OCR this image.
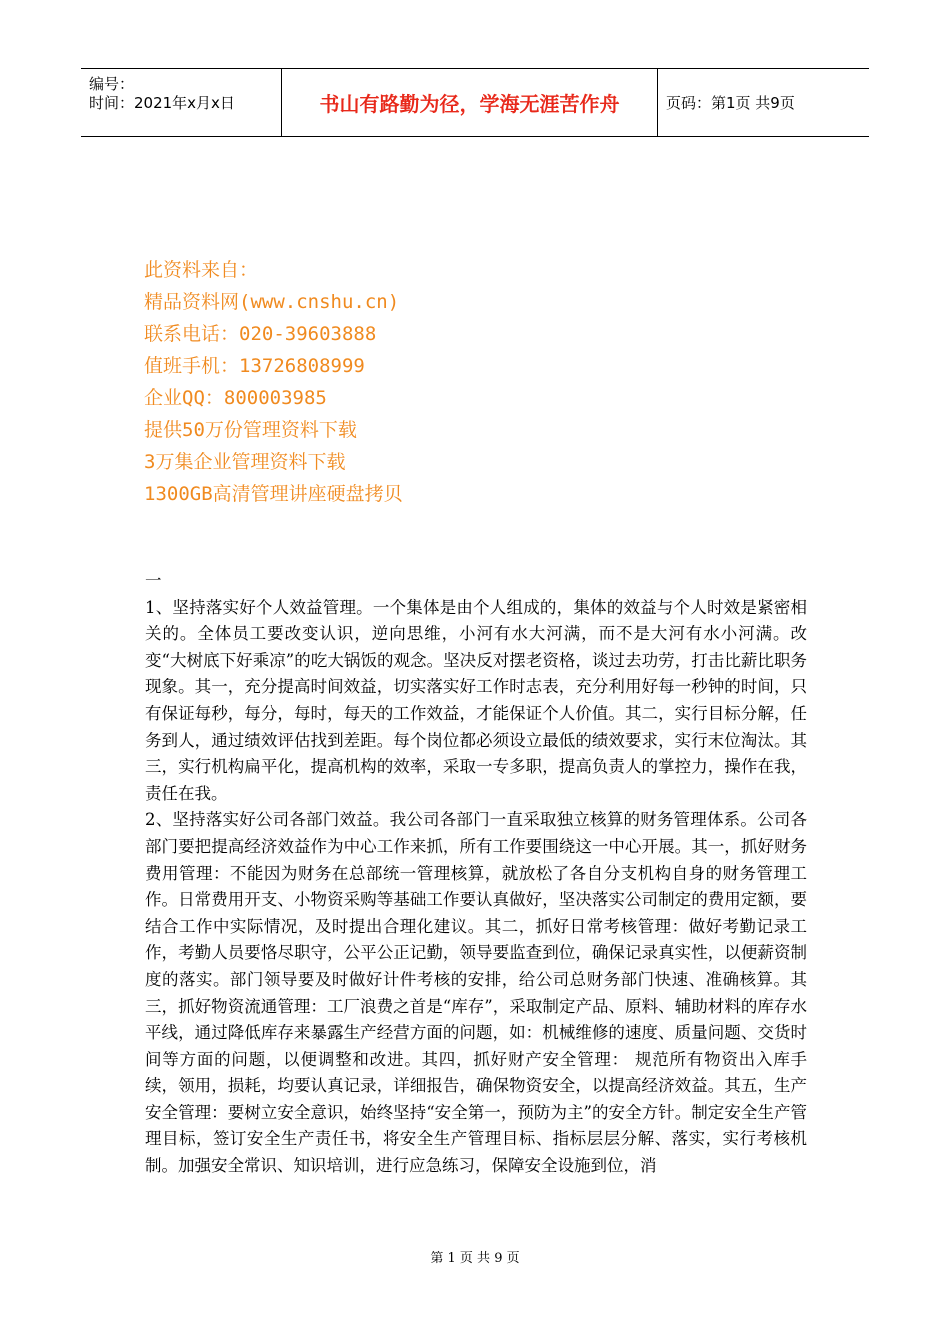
编号：
时间：2021年x月x日	书山有路勤为径，学海无涯苦作舟	页码：第1页 共9页
此资料来自：
精品资料网(www.cnshu.cn)
联系电话：020-39603888
值班手机：13726808999
企业QQ：800003985
提供50万份管理资料下载
3万集企业管理资料下载
1300GB高清管理讲座硬盘拷贝
一

1、坚持落实好个人效益管理。一个集体是由个人组成的，集体的效益与个人时效是紧密相关的。全体员工要改变认识，逆向思维，小河有水大河满，而不是大河有水小河满。改变“大树底下好乘凉”的吃大锅饭的观念。坚决反对摆老资格，谈过去功劳，打击比薪比职务现象。其一，充分提高时间效益，切实落实好工作时志表，充分利用好每一秒钟的时间，只有保证每秒，每分，每时，每天的工作效益，才能保证个人价值。其二，实行目标分解，任务到人，通过绩效评估找到差距。每个岗位都必须设立最低的绩效要求，实行末位淘汰。其三，实行机构扁平化，提高机构的效率，采取一专多职，提高负责人的掌控力，操作在我，责任在我。

2、坚持落实好公司各部门效益。我公司各部门一直采取独立核算的财务管理体系。公司各部门要把提高经济效益作为中心工作来抓，所有工作要围绕这一中心开展。其一，抓好财务费用管理：不能因为财务在总部统一管理核算，就放松了各自分支机构自身的财务管理工作。日常费用开支、小物资采购等基础工作要认真做好，坚决落实公司制定的费用定额，要结合工作中实际情况，及时提出合理化建议。其二，抓好日常考核管理：做好考勤记录工作，考勤人员要恪尽职守，公平公正记勤，领导要监查到位，确保记录真实性，以便薪资制度的落实。部门领导要及时做好计件考核的安排，给公司总财务部门快速、准确核算。其三，抓好物资流通管理：工厂浪费之首是“库存”，采取制定产品、原料、辅助材料的库存水平线，通过降低库存来暴露生产经营方面的问题，如：机械维修的速度、质量问题、交货时间等方面的问题，以便调整和改进。其四，抓好财产安全管理： 规范所有物资出入库手续，领用，损耗，均要认真记录，详细报告，确保物资安全，以提高经济效益。其五，生产安全管理：要树立安全意识，始终坚持“安全第一，预防为主”的安全方针。制定安全生产管理目标，签订安全生产责任书，将安全生产管理目标、指标层层分解、落实，实行考核机制。加强安全常识、知识培训，进行应急练习，保障安全设施到位，消

第 1 页 共 9 页
